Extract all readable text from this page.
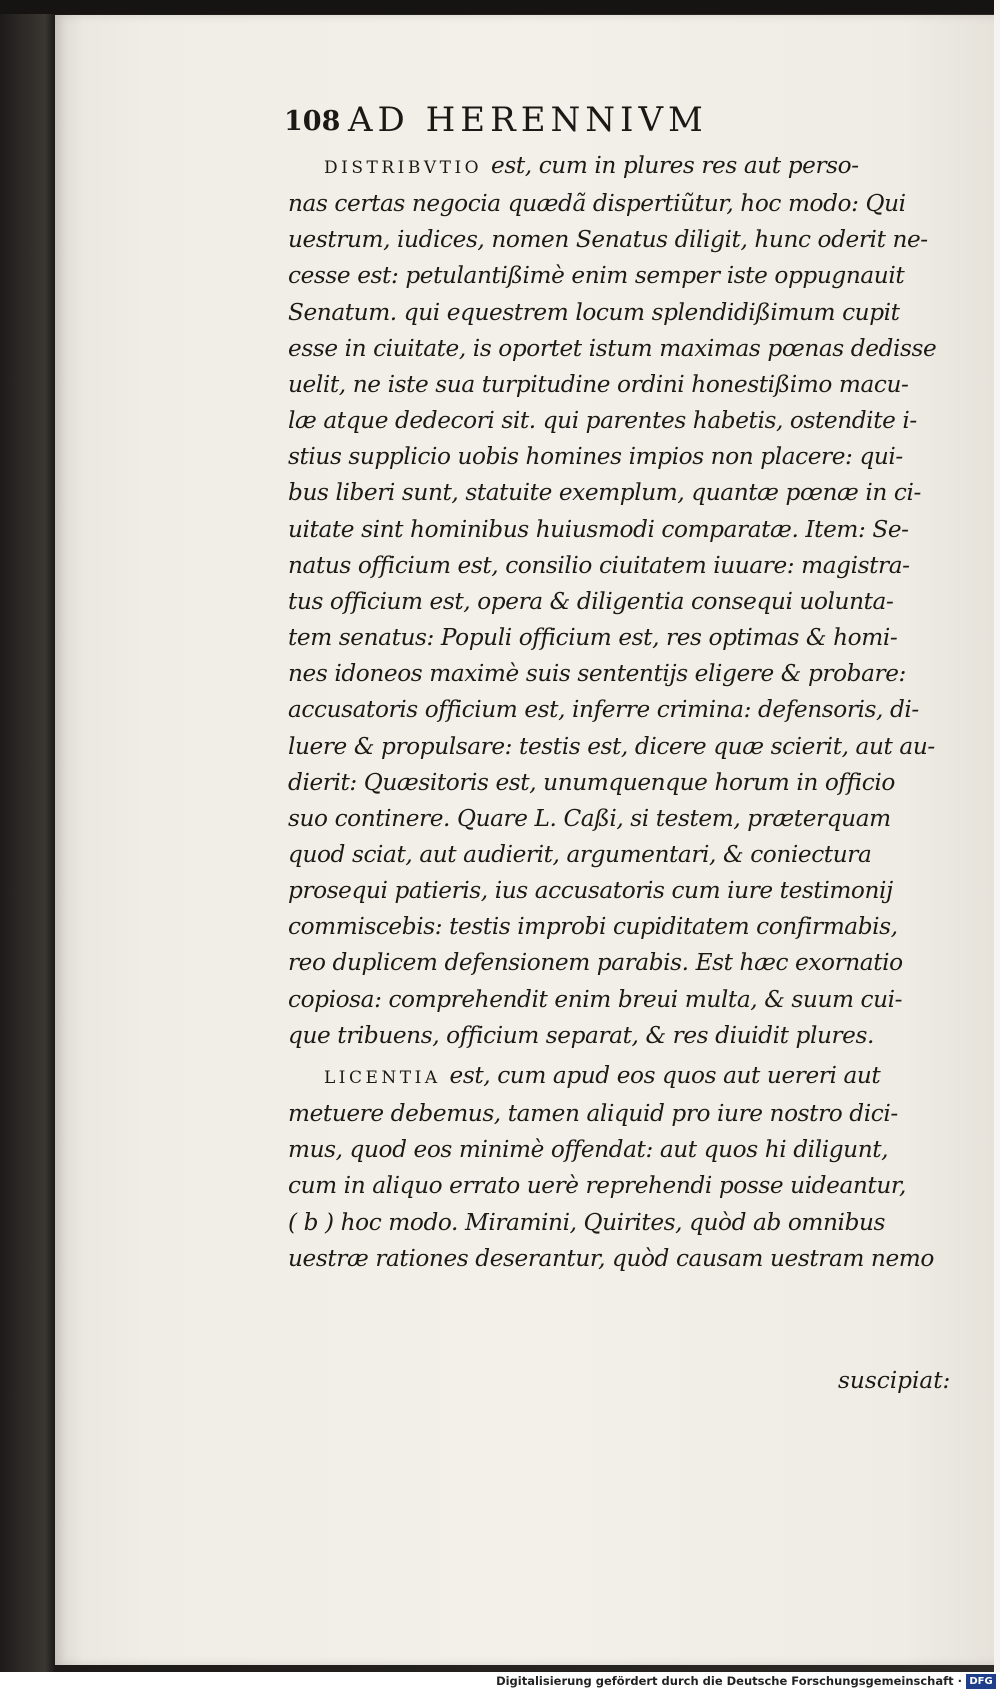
108 AD HERENNIVM
DISTRIBVTIO est, cum in plures res aut perso-
nas certas negocia quædã dispertiũtur, hoc modo: Qui
uestrum, iudices, nomen Senatus diligit, hunc oderit ne-
cesse est: petulantißimè enim semper iste oppugnauit
Senatum. qui equestrem locum splendidißimum cupit
esse in ciuitate, is oportet istum maximas pœnas dedisse
uelit, ne iste sua turpitudine ordini honestißimo macu-
læ atque dedecori sit. qui parentes habetis, ostendite i-
stius supplicio uobis homines impios non placere: qui-
bus liberi sunt, statuite exemplum, quantæ pœnæ in ci-
uitate sint hominibus huiusmodi comparatæ. Item: Se-
natus officium est, consilio ciuitatem iuuare: magistra-
tus officium est, opera & diligentia consequi uolunta-
tem senatus: Populi officium est, res optimas & homi-
nes idoneos maximè suis sententijs eligere & probare:
accusatoris officium est, inferre crimina: defensoris, di-
luere & propulsare: testis est, dicere quæ scierit, aut au-
dierit: Quæsitoris est, unumquenque horum in officio
suo continere. Quare L. Caßi, si testem, præterquam
quod sciat, aut audierit, argumentari, & coniectura
prosequi patieris, ius accusatoris cum iure testimonij
commiscebis: testis improbi cupiditatem confirmabis,
reo duplicem defensionem parabis. Est hæc exornatio
copiosa: comprehendit enim breui multa, & suum cui-
que tribuens, officium separat, & res diuidit plures.
LICENTIA est, cum apud eos quos aut uereri aut
metuere debemus, tamen aliquid pro iure nostro dici-
mus, quod eos minimè offendat: aut quos hi diligunt,
cum in aliquo errato uerè reprehendi posse uideantur,
( b ) hoc modo. Miramini, Quirites, quòd ab omnibus
uestræ rationes deserantur, quòd causam uestram nemo
suscipiat:
Digitalisierung gefördert durch die Deutsche Forschungsgemeinschaft · DFG
